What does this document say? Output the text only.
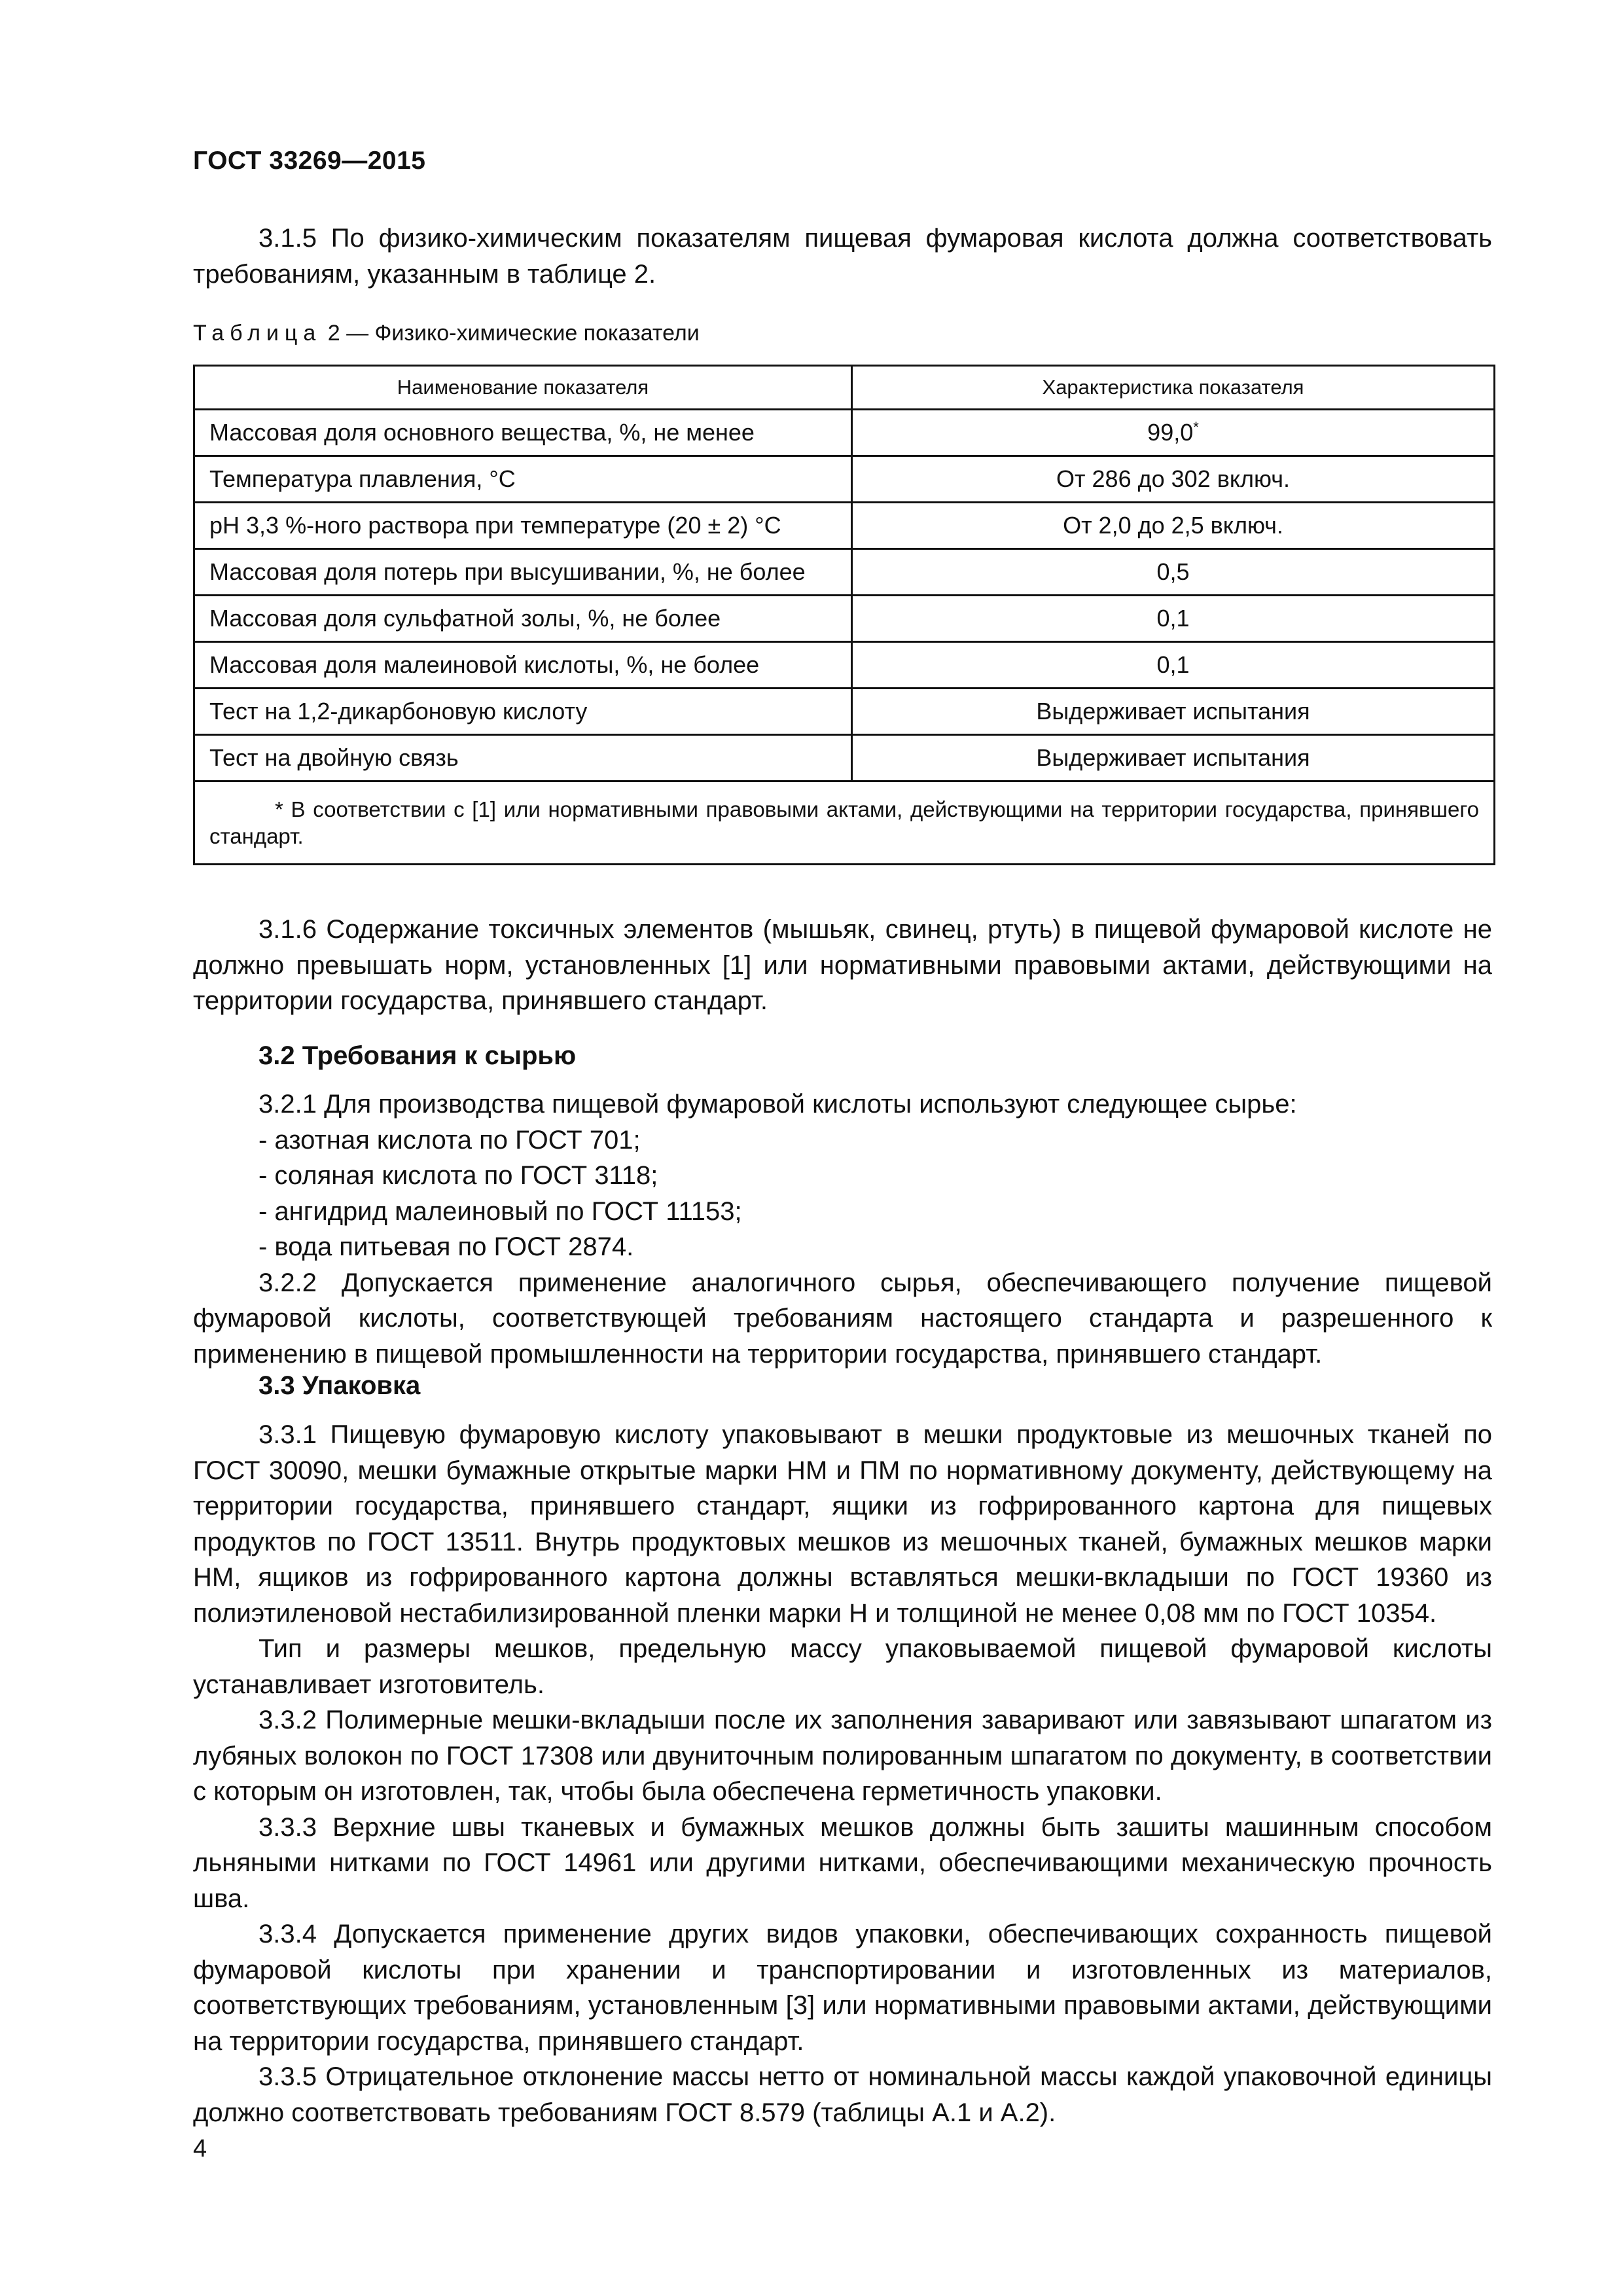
ГОСТ 33269—2015

3.1.5 По физико-химическим показателям пищевая фумаровая кислота должна соответствовать требованиям, указанным в таблице 2.

Таблица 2 — Физико-химические показатели
Наименование показателя	Характеристика показателя
Массовая доля основного вещества, %, не менее	99,0*
Температура плавления, °С	От 286 до 302 включ.
рН 3,3 %-ного раствора при температуре (20 ± 2) °С	От 2,0 до 2,5 включ.
Массовая доля потерь при высушивании, %, не более	0,5
Массовая доля сульфатной золы, %, не более	0,1
Массовая доля малеиновой кислоты, %, не более	0,1
Тест на 1,2-дикарбоновую кислоту	Выдерживает испытания
Тест на двойную связь	Выдерживает испытания
* В соответствии с [1] или нормативными правовыми актами, действующими на территории государства, принявшего стандарт.	

3.1.6 Содержание токсичных элементов (мышьяк, свинец, ртуть) в пищевой фумаровой кислоте не должно превышать норм, установленных [1] или нормативными правовыми актами, действующими на территории государства, принявшего стандарт.

3.2 Требования к сырью

3.2.1 Для производства пищевой фумаровой кислоты используют следующее сырье:

- азотная кислота по ГОСТ 701;

- соляная кислота по ГОСТ 3118;

- ангидрид малеиновый по ГОСТ 11153;

- вода питьевая по ГОСТ 2874.

3.2.2 Допускается применение аналогичного сырья, обеспечивающего получение пищевой фумаровой кислоты, соответствующей требованиям настоящего стандарта и разрешенного к применению в пищевой промышленности на территории государства, принявшего стандарт.

3.3 Упаковка

3.3.1 Пищевую фумаровую кислоту упаковывают в мешки продуктовые из мешочных тканей по ГОСТ 30090, мешки бумажные открытые марки НМ и ПМ по нормативному документу, действующему на территории государства, принявшего стандарт, ящики из гофрированного картона для пищевых продуктов по ГОСТ 13511. Внутрь продуктовых мешков из мешочных тканей, бумажных мешков марки НМ, ящиков из гофрированного картона должны вставляться мешки-вкладыши по ГОСТ 19360 из полиэтиленовой нестабилизированной пленки марки Н и толщиной не менее 0,08 мм по ГОСТ 10354.

Тип и размеры мешков, предельную массу упаковываемой пищевой фумаровой кислоты устанавливает изготовитель.

3.3.2 Полимерные мешки-вкладыши после их заполнения заваривают или завязывают шпагатом из лубяных волокон по ГОСТ 17308 или двуниточным полированным шпагатом по документу, в соответствии с которым он изготовлен, так, чтобы была обеспечена герметичность упаковки.

3.3.3 Верхние швы тканевых и бумажных мешков должны быть зашиты машинным способом льняными нитками по ГОСТ 14961 или другими нитками, обеспечивающими механическую прочность шва.

3.3.4 Допускается применение других видов упаковки, обеспечивающих сохранность пищевой фумаровой кислоты при хранении и транспортировании и изготовленных из материалов, соответствующих требованиям, установленным [3] или нормативными правовыми актами, действующими на территории государства, принявшего стандарт.

3.3.5 Отрицательное отклонение массы нетто от номинальной массы каждой упаковочной единицы должно соответствовать требованиям ГОСТ 8.579 (таблицы А.1 и А.2).

4
